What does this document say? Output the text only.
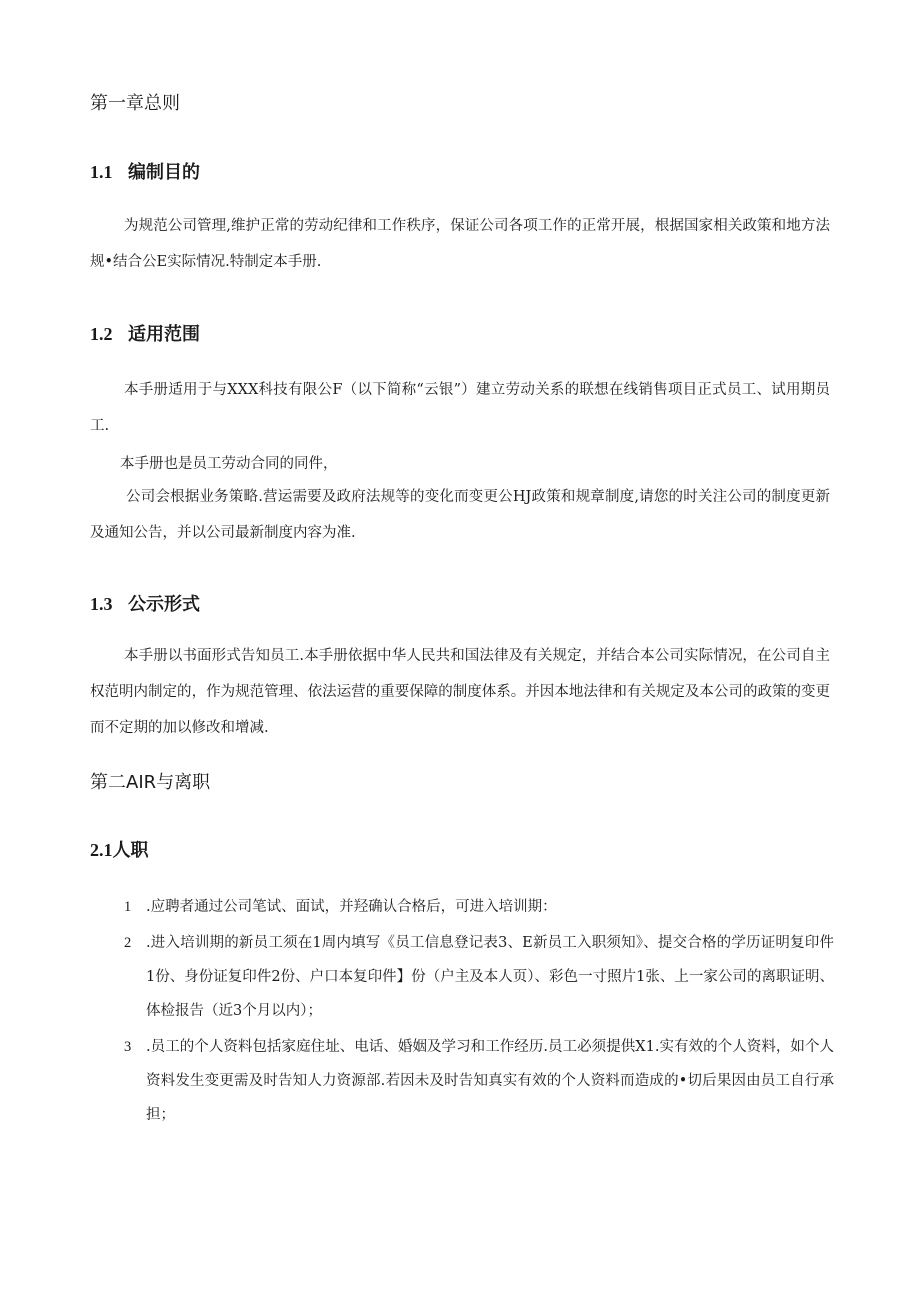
第一章总则
1.1 编制目的

为规范公司管理,维护正常的劳动纪律和工作秩序，保证公司各项工作的正常开展，根据国家相关政策和地方法规•结合公E实际情况.特制定本手册.

1.2 适用范围

本手册适用于与XXX科技有限公F（以下简称“云银”）建立劳动关系的联想在线销售项目正式员工、试用期员工.

本手册也是员工劳动合同的同件，

公司会根据业务策略.营运需要及政府法规等的变化而变更公HJ政策和规章制度,请您的时关注公司的制度更新及通知公告，并以公司最新制度内容为准.

1.3 公示形式

本手册以书面形式告知员工.本手册依据中华人民共和国法律及有关规定，并结合本公司实际情况，在公司自主权范明内制定的，作为规范管理、依法运营的重要保障的制度体系。并因本地法律和有关规定及本公司的政策的变更而不定期的加以修改和增减.

第二AIR与离职
2.1人职
1 .应聘者通过公司笔试、面试，并羟确认合格后，可进入培训期：
2 .进入培训期的新员工须在1周内填写《员工信息登记表3、E新员工入职须知》、提交合格的学历证明复印件1份、身份证复印件2份、户口本复印件】份（户主及本人页）、彩色一寸照片1张、上一家公司的离职证明、体检报告（近3个月以内）；
3 .员工的个人资料包括家庭住址、电话、婚姻及学习和工作经历.员工必须提供X1.实有效的个人资料，如个人资料发生变更需及时告知人力资源部.若因未及时告知真实有效的个人资料而造成的•切后果因由员工自行承担；
